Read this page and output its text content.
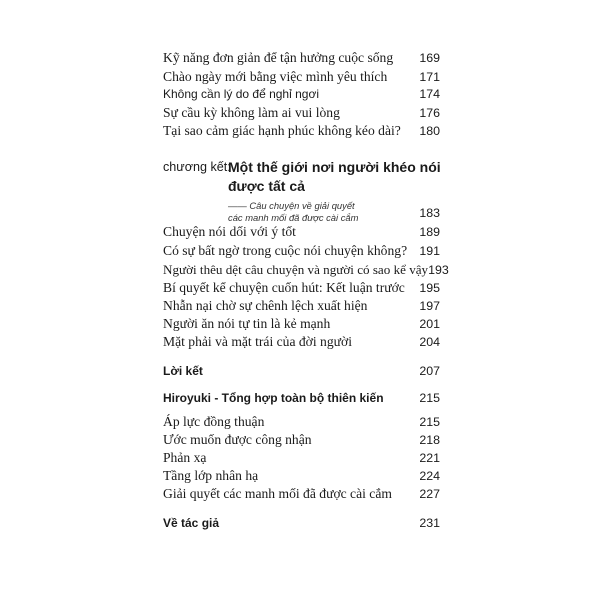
Kỹ năng đơn giản để tận hưởng cuộc sống 169
Chào ngày mới bằng việc mình yêu thích	171
Không cần lý do để nghỉ ngơi	174
Sự cầu kỳ không làm ai vui lòng	176
Tại sao cảm giác hạnh phúc không kéo dài? 180
chương kết:
Một thế giới nơi người khéo nói
được tất cả
—— Câu chuyện về giải quyết
các manh mối đã được cài cắm	183
Chuyện nói dối với ý tốt	189
Có sự bất ngờ trong cuộc nói chuyện không? 191
Người thêu dệt câu chuyện và người có sao kể vậy 193
Bí quyết kể chuyện cuốn hút: Kết luận trước 195
Nhẫn nại chờ sự chênh lệch xuất hiện	197
Người ăn nói tự tin là kẻ mạnh	201
Mặt phải và mặt trái của đời người	204
Lời kết	207
Hiroyuki - Tổng hợp toàn bộ thiên kiến	215
Áp lực đồng thuận	215
Ước muốn được công nhận	218
Phản xạ	221
Tầng lớp nhân hạ	224
Giải quyết các manh mối đã được cài cắm 227
Về tác giả	231
